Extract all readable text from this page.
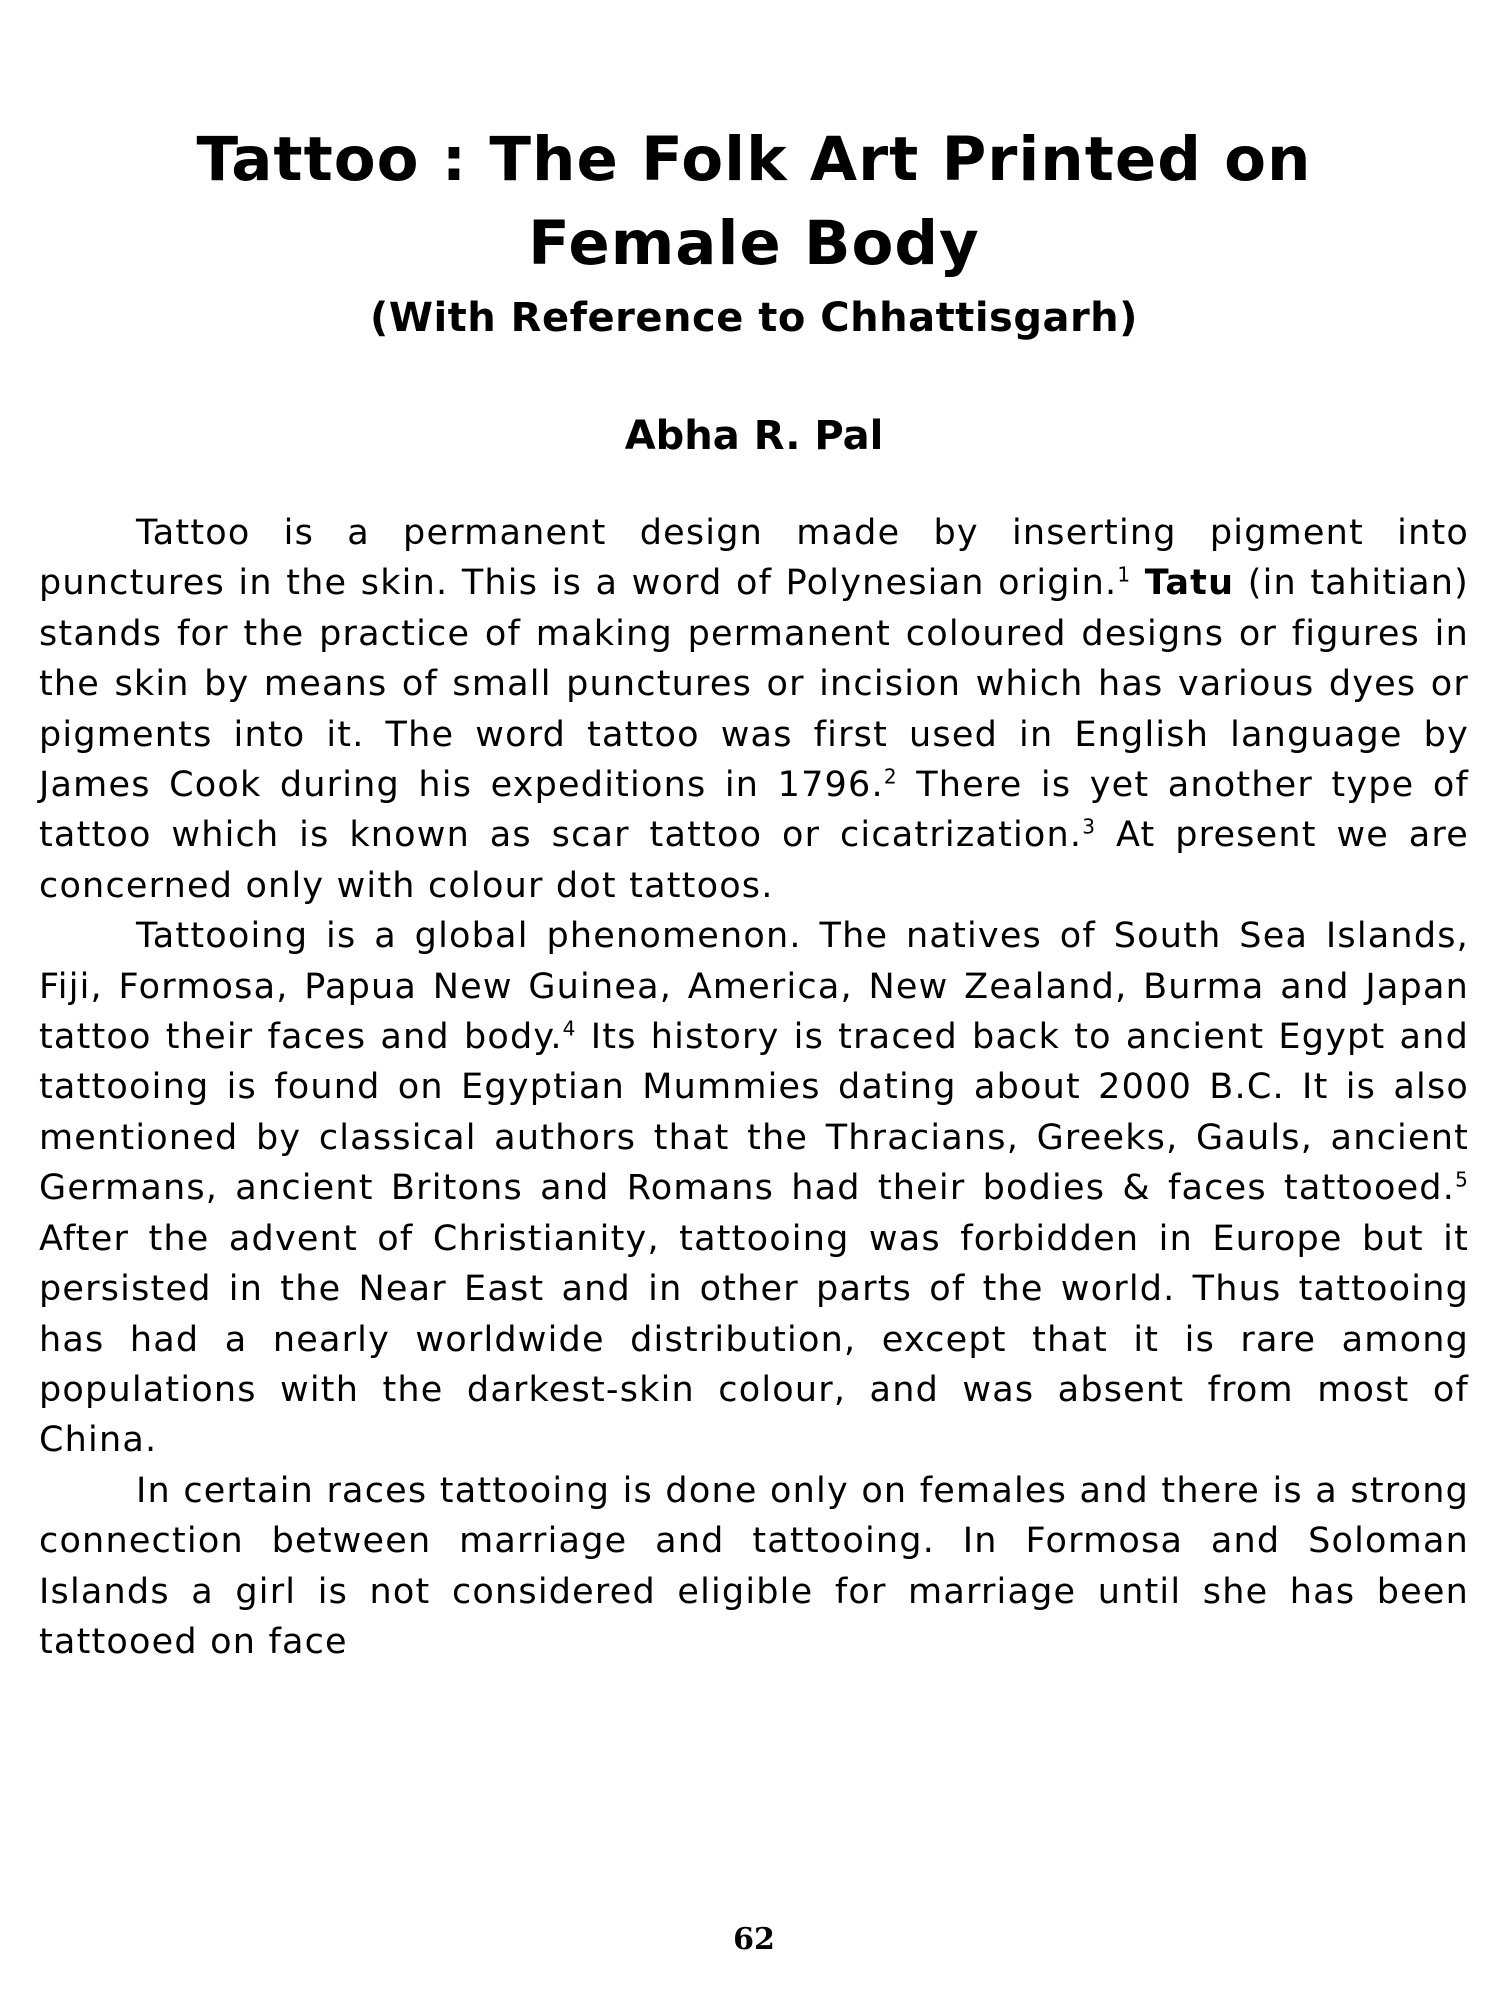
Tattoo : The Folk Art Printed on
Female Body
(With Reference to Chhattisgarh)
Abha R. Pal

Tattoo is a permanent design made by inserting pigment into punctures in the skin. This is a word of Polynesian origin.$^1$ Tatu (in tahitian) stands for the practice of making permanent coloured designs or figures in the skin by means of small punctures or incision which has various dyes or pigments into it. The word tattoo was first used in English language by James Cook during his expeditions in 1796.$^2$ There is yet another type of tattoo which is known as scar tattoo or cicatrization.$^3$ At present we are concerned only with colour dot tattoos.

Tattooing is a global phenomenon. The natives of South Sea Islands, Fiji, Formosa, Papua New Guinea, America, New Zealand, Burma and Japan tattoo their faces and body.$^4$ Its history is traced back to ancient Egypt and tattooing is found on Egyptian Mummies dating about 2000 B.C. It is also mentioned by classical authors that the Thracians, Greeks, Gauls, ancient Germans, ancient Britons and Romans had their bodies & faces tattooed.$^5$ After the advent of Christianity, tattooing was forbidden in Europe but it persisted in the Near East and in other parts of the world. Thus tattooing has had a nearly worldwide distribution, except that it is rare among populations with the darkest-skin colour, and was absent from most of China.

In certain races tattooing is done only on females and there is a strong connection between marriage and tattooing. In Formosa and Soloman Islands a girl is not considered eligible for marriage until she has been tattooed on face

62
